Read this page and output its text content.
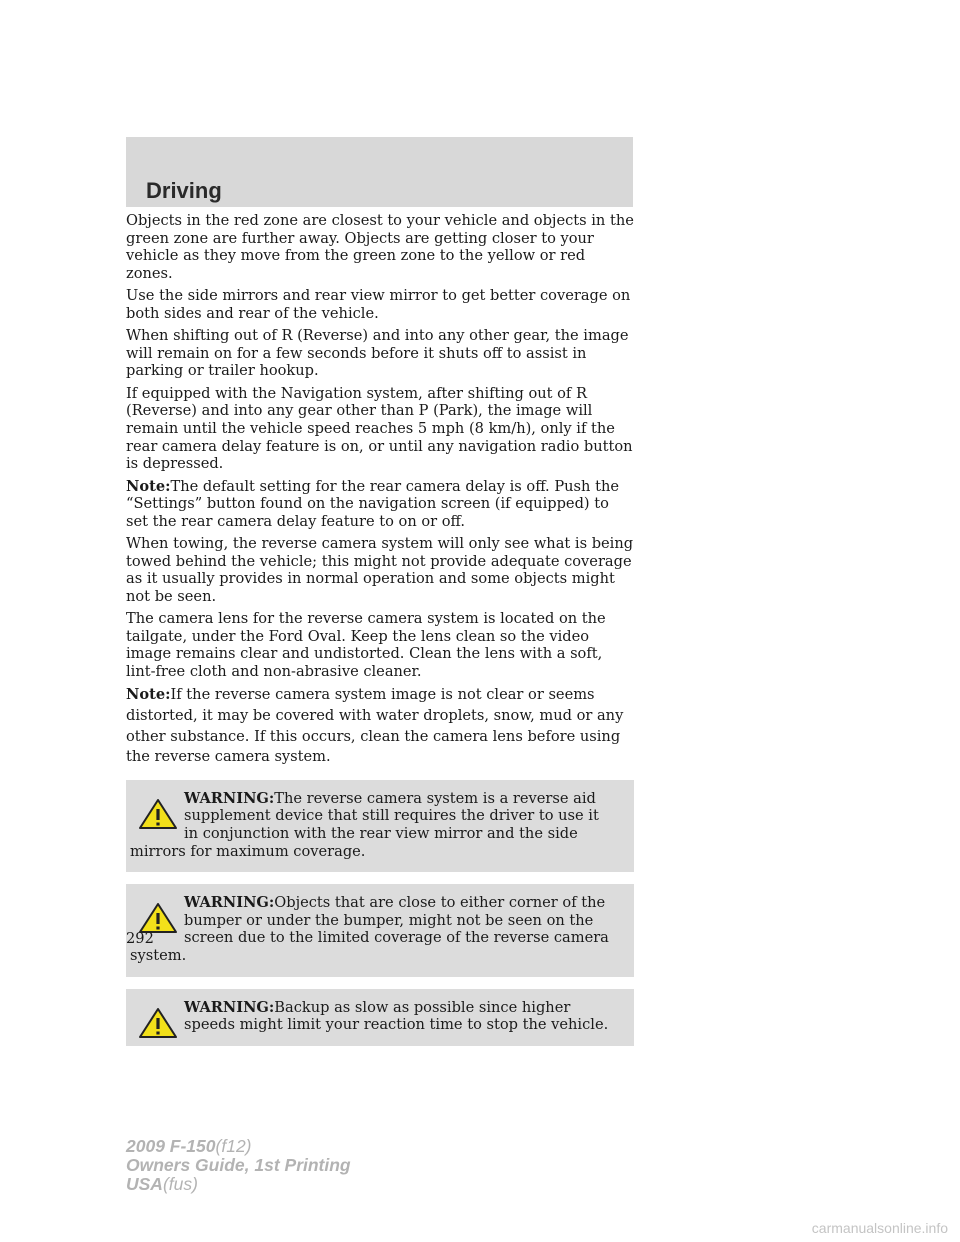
Driving

Objects in the red zone are closest to your vehicle and objects in the green zone are further away. Objects are getting closer to your vehicle as they move from the green zone to the yellow or red zones.

Use the side mirrors and rear view mirror to get better coverage on both sides and rear of the vehicle.

When shifting out of R (Reverse) and into any other gear, the image will remain on for a few seconds before it shuts off to assist in parking or trailer hookup.

If equipped with the Navigation system, after shifting out of R (Reverse) and into any gear other than P (Park), the image will remain until the vehicle speed reaches 5 mph (8 km/h), only if the rear camera delay feature is on, or until any navigation radio button is depressed.

Note:The default setting for the rear camera delay is off. Push the “Settings” button found on the navigation screen (if equipped) to set the rear camera delay feature to on or off.

When towing, the reverse camera system will only see what is being towed behind the vehicle; this might not provide adequate coverage as it usually provides in normal operation and some objects might not be seen.

The camera lens for the reverse camera system is located on the tailgate, under the Ford Oval. Keep the lens clean so the video image remains clear and undistorted. Clean the lens with a soft, lint-free cloth and non-abrasive cleaner.

Note:If the reverse camera system image is not clear or seems distorted, it may be covered with water droplets, snow, mud or any other substance. If this occurs, clean the camera lens before using the reverse camera system.

WARNING:The reverse camera system is a reverse aid supplement device that still requires the driver to use it in conjunction with the rear view mirror and the side mirrors for maximum coverage.
WARNING:Objects that are close to either corner of the bumper or under the bumper, might not be seen on the screen due to the limited coverage of the reverse camera system.
WARNING:Backup as slow as possible since higher speeds might limit your reaction time to stop the vehicle.
292
2009 F-150(f12)
Owners Guide, 1st Printing
USA(fus)
carmanualsonline.info
